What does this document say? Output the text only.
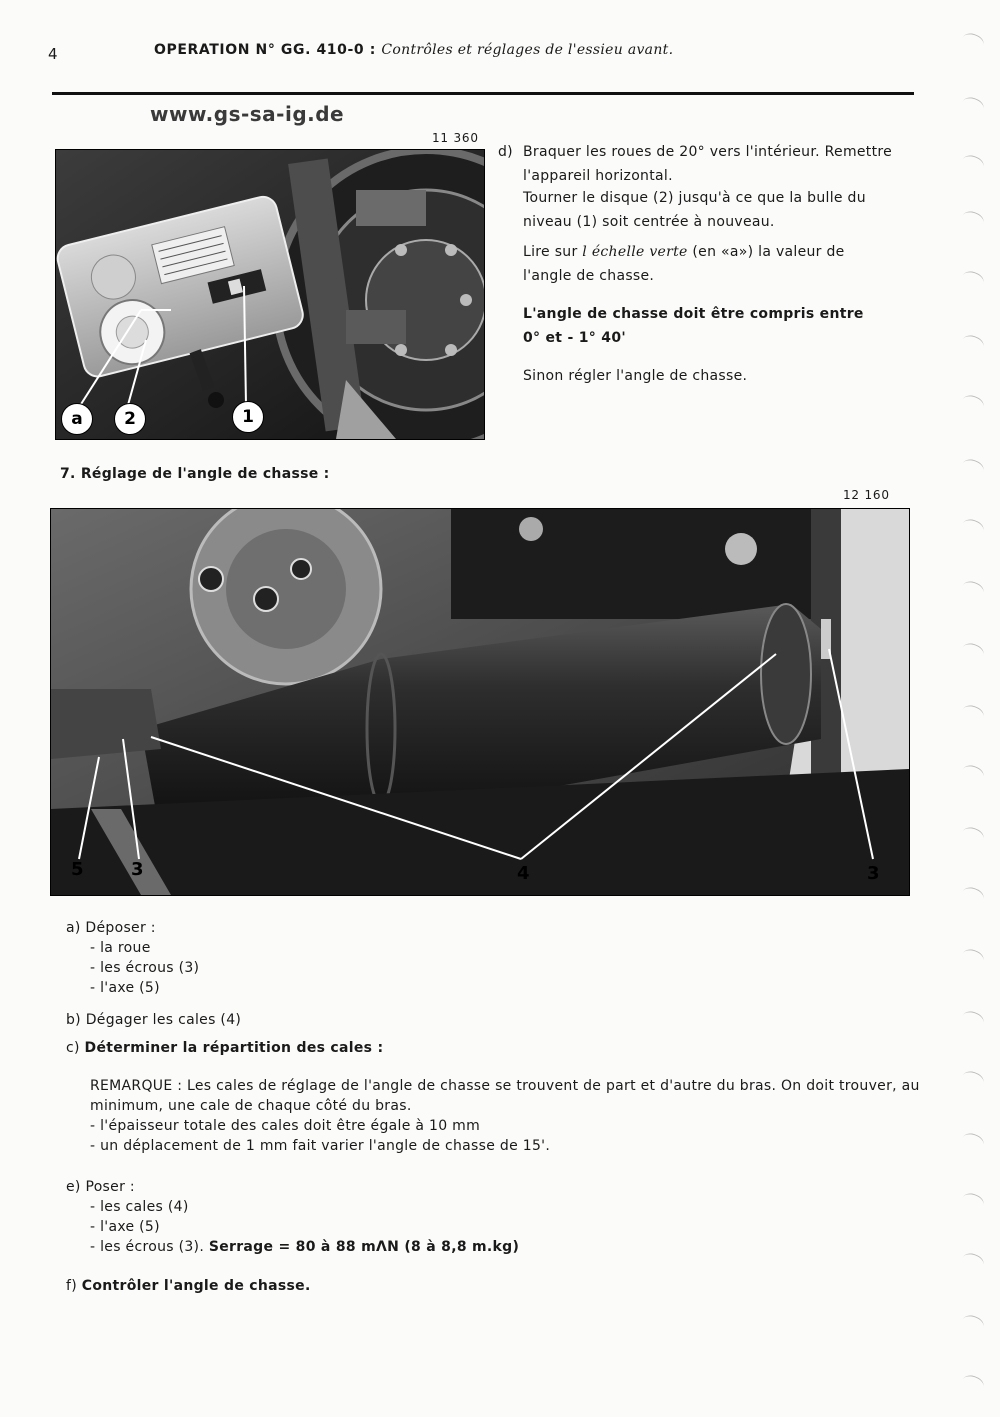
4	OPERATION N° GG. 410-0 : Contrôles et réglages de l'essieu avant.
www.gs-sa-ig.de
11 360
a	2	1
d) Braquer les roues de 20° vers l'intérieur. Remettre l'appareil horizontal.
Tourner le disque (2) jusqu'à ce que la bulle du niveau (1) soit centrée à nouveau.
Lire sur l échelle verte (en «a») la valeur de l'angle de chasse.
L'angle de chasse doit être compris entre 0° et - 1° 40'
Sinon régler l'angle de chasse.
7. Réglage de l'angle de chasse :
12 160
5	3	4	3
a) Déposer :
- la roue
- les écrous (3)
- l'axe (5)
b) Dégager les cales (4)
c) Déterminer la répartition des cales :
REMARQUE : Les cales de réglage de l'angle de chasse se trouvent de part et d'autre du bras. On doit trouver, au minimum, une cale de chaque côté du bras.
- l'épaisseur totale des cales doit être égale à 10 mm
- un déplacement de 1 mm fait varier l'angle de chasse de 15'.
e) Poser :
- les cales (4)
- l'axe (5)
- les écrous (3). Serrage = 80 à 88 mΛN (8 à 8,8 m.kg)
f) Contrôler l'angle de chasse.
